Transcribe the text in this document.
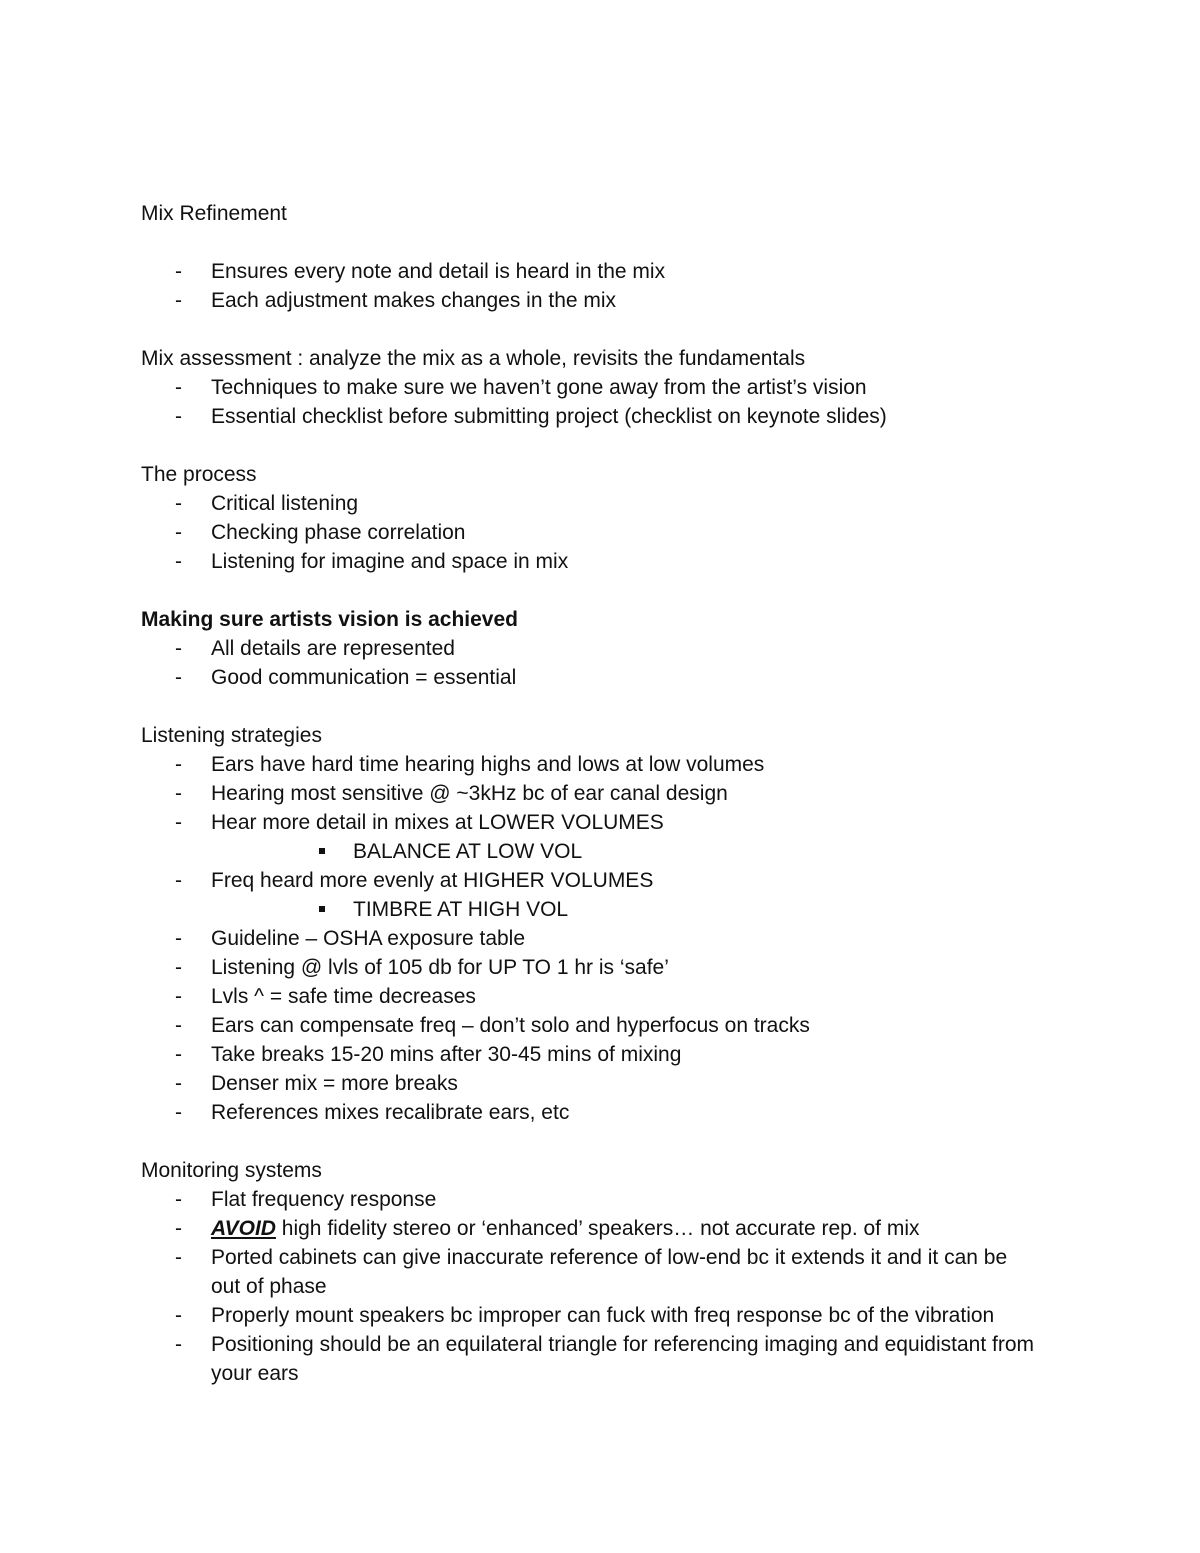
Mix Refinement
- Ensures every note and detail is heard in the mix
- Each adjustment makes changes in the mix
Mix assessment : analyze the mix as a whole, revisits the fundamentals
- Techniques to make sure we haven’t gone away from the artist’s vision
- Essential checklist before submitting project (checklist on keynote slides)
The process
- Critical listening
- Checking phase correlation
- Listening for imagine and space in mix
Making sure artists vision is achieved
- All details are represented
- Good communication = essential
Listening strategies
- Ears have hard time hearing highs and lows at low volumes
- Hearing most sensitive @ ~3kHz bc of ear canal design
- Hear more detail in mixes at LOWER VOLUMES
BALANCE AT LOW VOL
- Freq heard more evenly at HIGHER VOLUMES
TIMBRE AT HIGH VOL
- Guideline – OSHA exposure table
- Listening @ lvls of 105 db for UP TO 1 hr is ‘safe’
- Lvls ^ = safe time decreases
- Ears can compensate freq – don’t solo and hyperfocus on tracks
- Take breaks 15-20 mins after 30-45 mins of mixing
- Denser mix = more breaks
- References mixes recalibrate ears, etc
Monitoring systems
- Flat frequency response
- AVOID high fidelity stereo or ‘enhanced’ speakers… not accurate rep. of mix
- Ported cabinets can give inaccurate reference of low-end bc it extends it and it can be out of phase
- Properly mount speakers bc improper can fuck with freq response bc of the vibration
- Positioning should be an equilateral triangle for referencing imaging and equidistant from your ears
